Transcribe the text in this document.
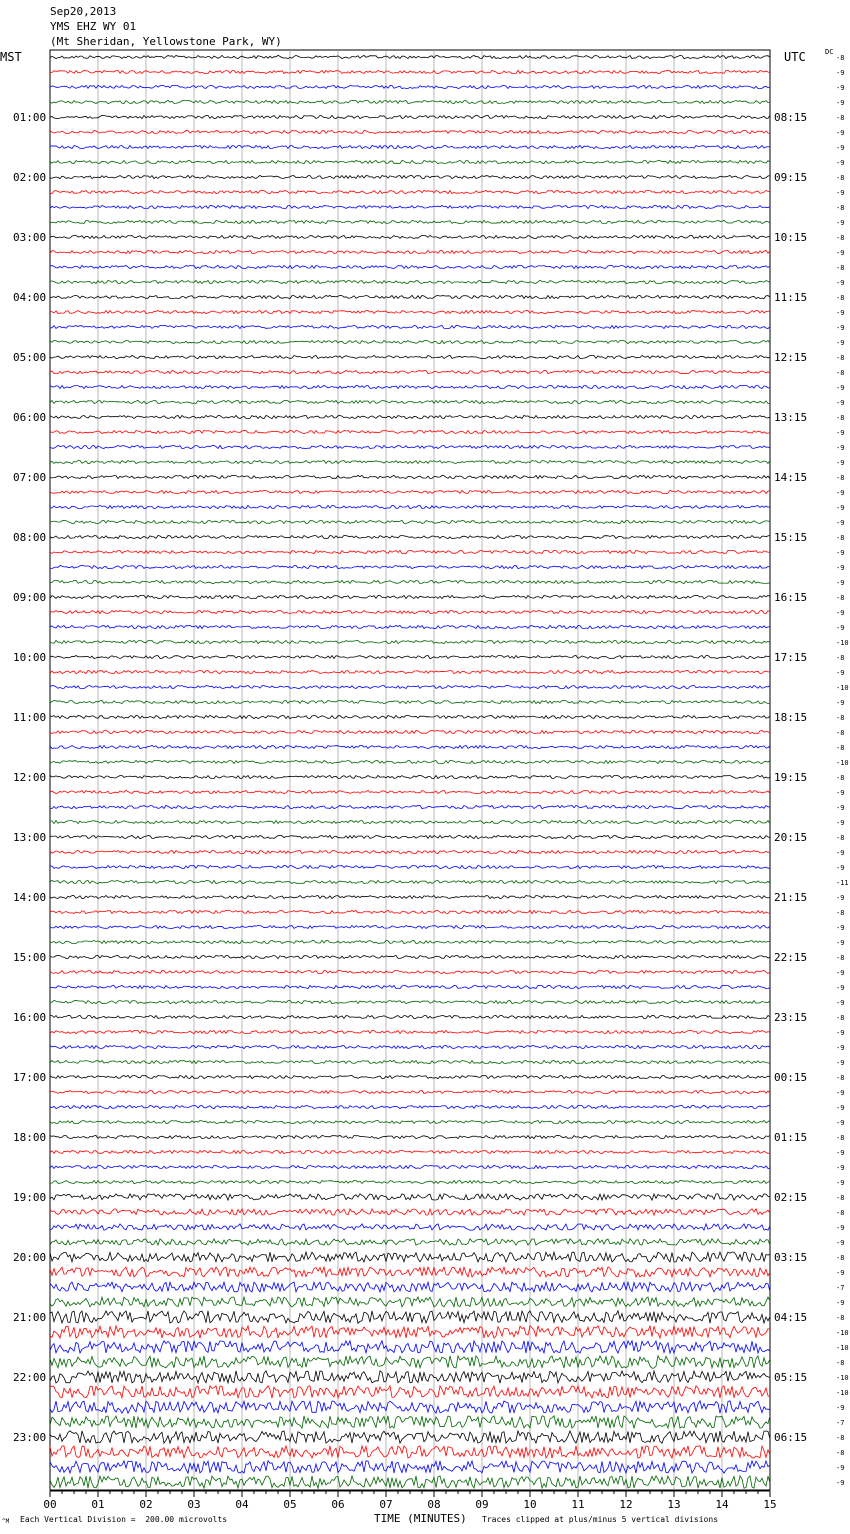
Sep20,2013
YMS EHZ WY 01
(Mt Sheridan, Yellowstone Park, WY)
MST	UTC	DC
-8
-9
-9
-9
-8
-9
-9
-9
-8
-9
-8
-9
-8
-9
-8
-9
-8
-9
-9
-9
-8
-8
-9
-9
-8
-9
-9
-9
-8
-9
-9
-9
-8
-9
-9
-9
-8
-9
-9
-10
-8
-9
-10
-9
-8
-8
-8
-10
-8
-9
-9
-9
-8
-9
-9
-11
-9
-8
-9
-9
-8
-9
-9
-9
-8
-9
-9
-9
-8
-9
-9
-9
-8
-9
-9
-9
-8
-8
-9
-9
-8
-9
-7
-9
-8
-10
-10
-8
-10
-10
-9
-7
-8
-8
-9
-9
01:00	08:15
02:00	09:15
03:00	10:15
04:00	11:15
05:00	12:15
06:00	13:15
07:00	14:15
08:00	15:15
09:00	16:15
10:00	17:15
11:00	18:15
12:00	19:15
13:00	20:15
14:00	21:15
15:00	22:15
16:00	23:15
17:00	00:15
18:00	01:15
19:00	02:15
20:00	03:15
21:00	04:15
22:00	05:15
23:00	06:15
00	01	02	03	04	05	06	07	08	09	10	11	12	13	14	15
TIME (MINUTES)
Each Vertical Division =  200.00 microvolts	Traces clipped at plus/minus 5 vertical divisions
^M
